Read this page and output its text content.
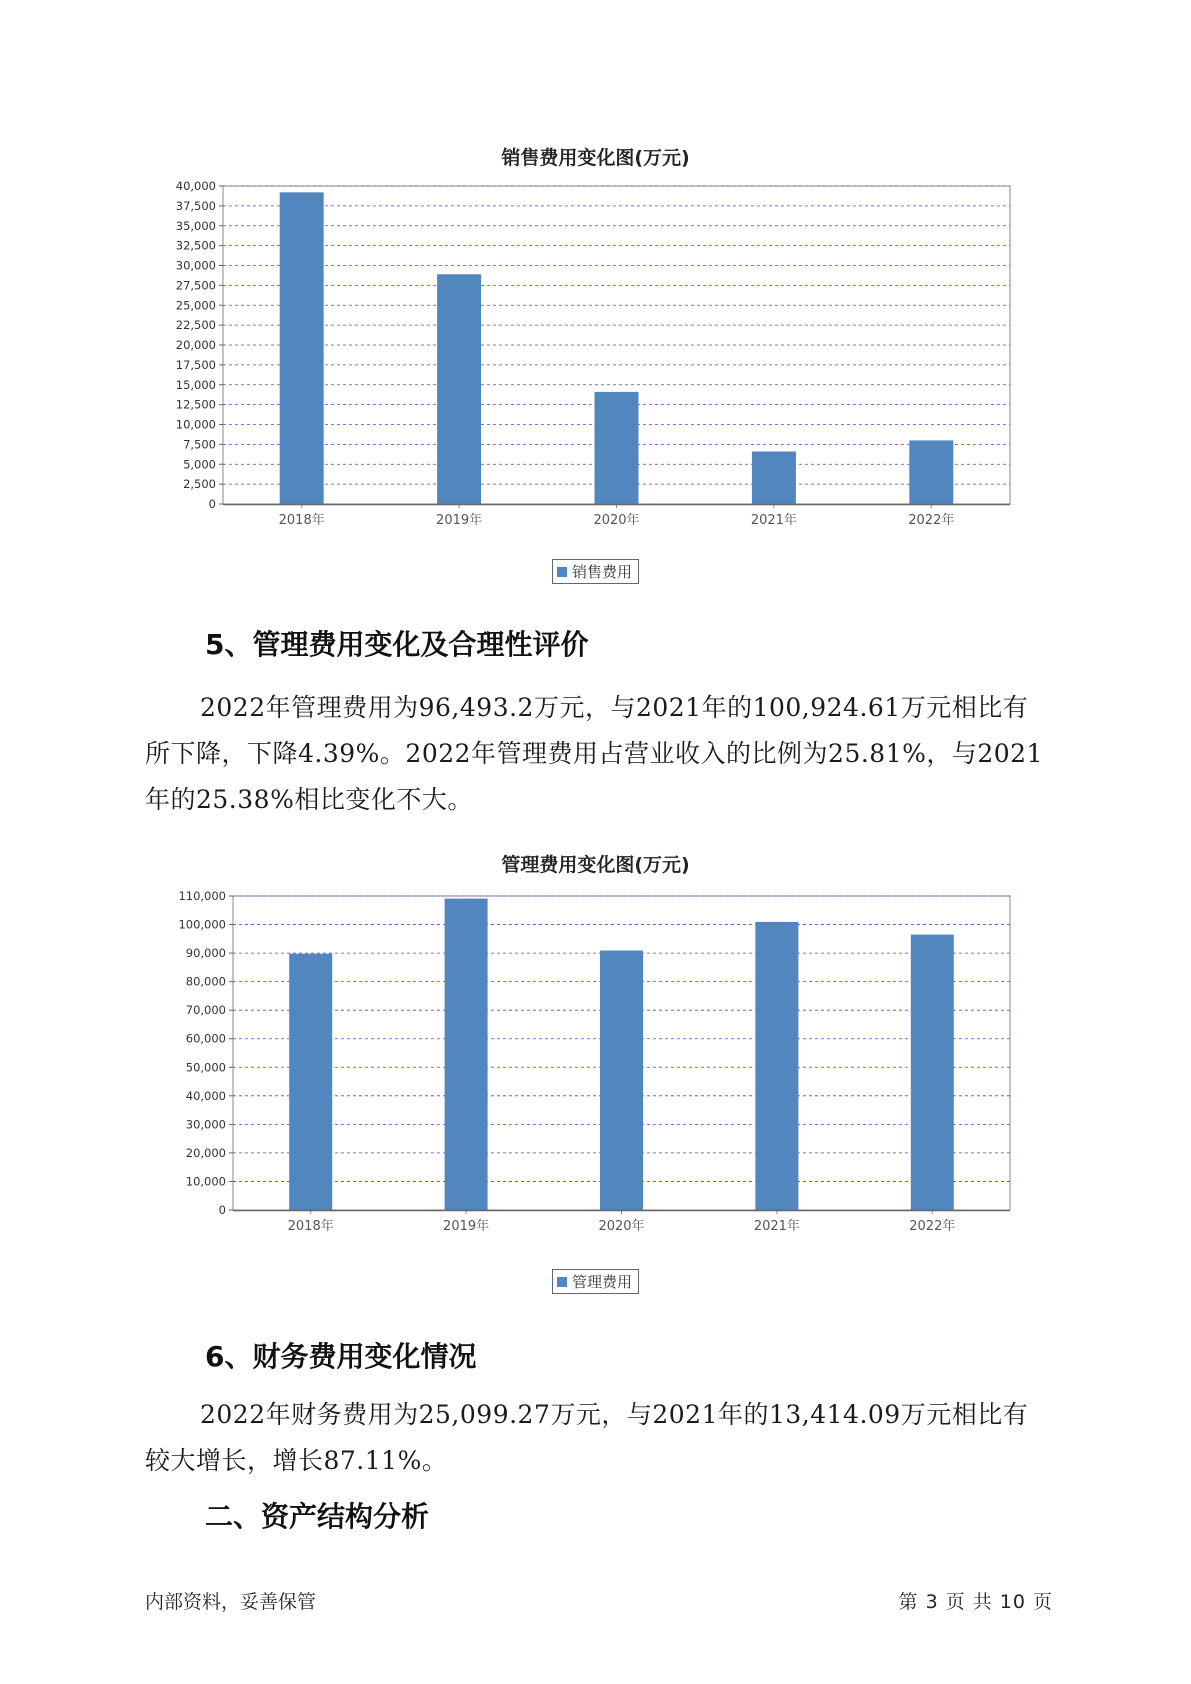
销售费用变化图(万元)
0
2,500
5,000
7,500
10,000
12,500
15,000
17,500
20,000
22,500
25,000
27,500
30,000
32,500
35,000
37,500
40,000
2018年	2019年	2020年	2021年	2022年
销售费用
5、管理费用变化及合理性评价
2022年管理费用为96,493.2万元，与2021年的100,924.61万元相比有所下降，下降4.39%。2022年管理费用占营业收入的比例为25.81%，与2021年的25.38%相比变化不大。
管理费用变化图(万元)
0
10,000
20,000
30,000
40,000
50,000
60,000
70,000
80,000
90,000
100,000
110,000
2018年	2019年	2020年	2021年	2022年
管理费用
6、财务费用变化情况
2022年财务费用为25,099.27万元，与2021年的13,414.09万元相比有较大增长，增长87.11%。
二、资产结构分析
内部资料，妥善保管	第 3 页 共 10 页
